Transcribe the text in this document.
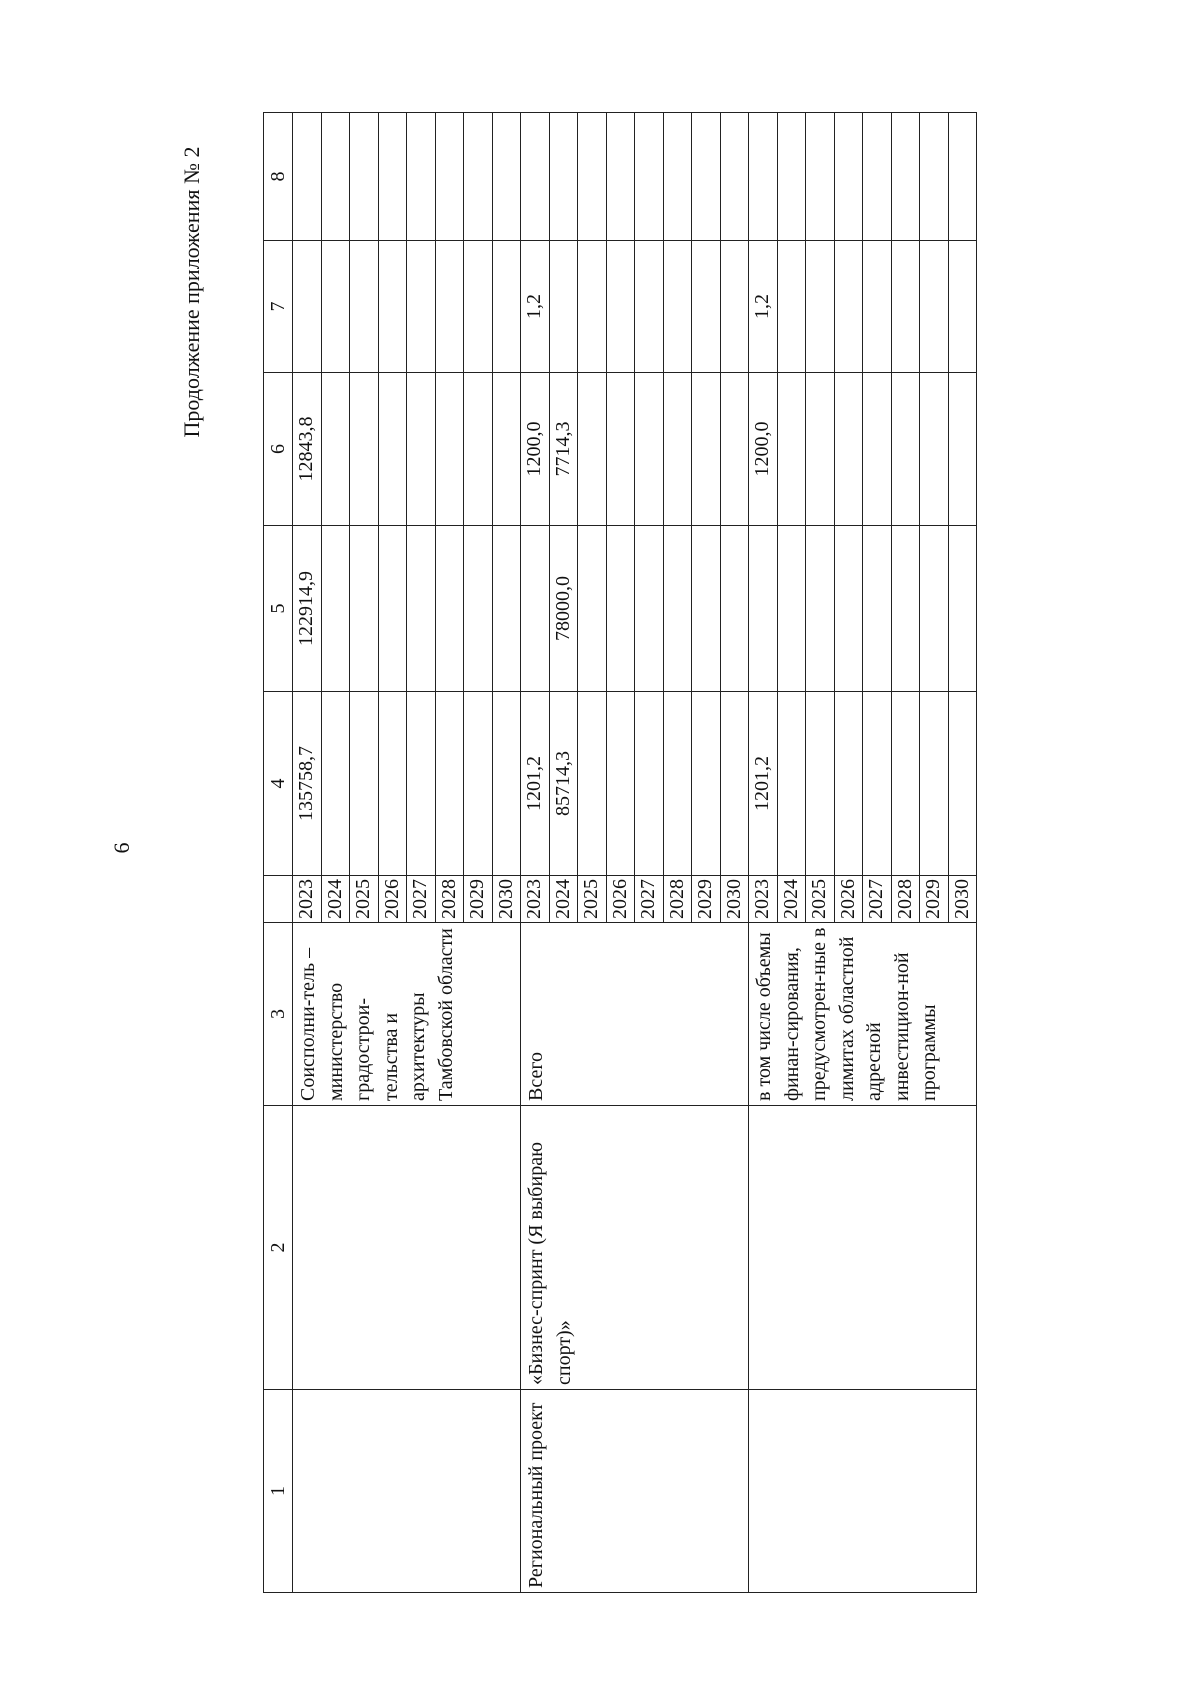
6
Продолжение приложения № 2
1	2	3		4	5	6	7	8
		Соисполни-тель – министерство градострои-тельства и архитектуры Тамбовской области	2023	135758,7	122914,9	12843,8		
			2024					
			2025					
			2026					
			2027					
			2028					
			2029					
			2030					
Региональный проект	«Бизнес-спринт (Я выбираю спорт)»	Всего	2023	1201,2		1200,0	1,2	
			2024	85714,3	78000,0	7714,3		
			2025					
			2026					
			2027					
			2028					
			2029					
			2030					
		в том числе объемы финан-сирования, предусмотрен-ные в лимитах областной адресной инвестицион-ной программы	2023	1201,2		1200,0	1,2	
			2024					
			2025					
			2026					
			2027					
			2028					
			2029					
			2030					
